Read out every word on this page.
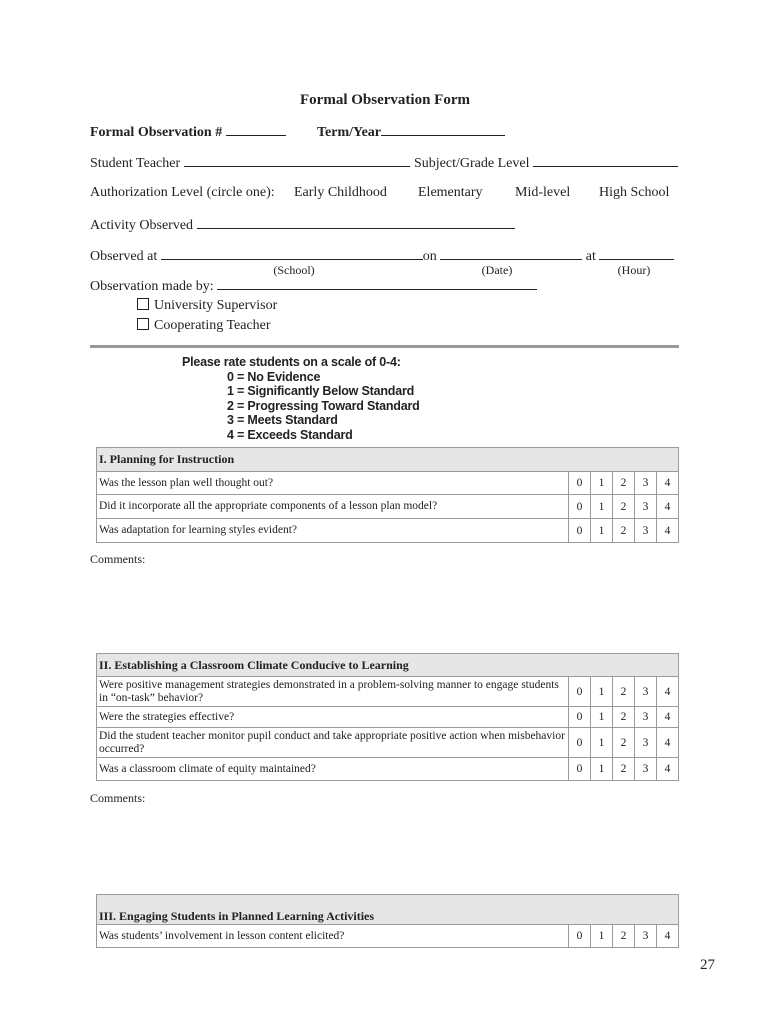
Formal Observation Form
Formal Observation #	Term/Year
Student Teacher	Subject/Grade Level
Authorization Level (circle one): Early Childhood Elementary Mid-level High School
Activity Observed
Observed at	on	at
(School)	(Date)	(Hour)
Observation made by:
University Supervisor
Cooperating Teacher
Please rate students on a scale of 0-4:
0 = No Evidence
1 = Significantly Below Standard
2 = Progressing Toward Standard
3 = Meets Standard
4 = Exceeds Standard
I. Planning for Instruction					
Was the lesson plan well thought out?	0	1	2	3	4
Did it incorporate all the appropriate components of a lesson plan model?	0	1	2	3	4
Was adaptation for learning styles evident?	0	1	2	3	4
Comments:
II. Establishing a Classroom Climate Conducive to Learning					
Were positive management strategies demonstrated in a problem-solving manner to engage students in “on-task” behavior?	0	1	2	3	4
Were the strategies effective?	0	1	2	3	4
Did the student teacher monitor pupil conduct and take appropriate positive action when misbehavior occurred?	0	1	2	3	4
Was a classroom climate of equity maintained?	0	1	2	3	4
Comments:
III. Engaging Students in Planned Learning Activities
Was students’ involvement in lesson content elicited?	0	1	2	3	4
27
